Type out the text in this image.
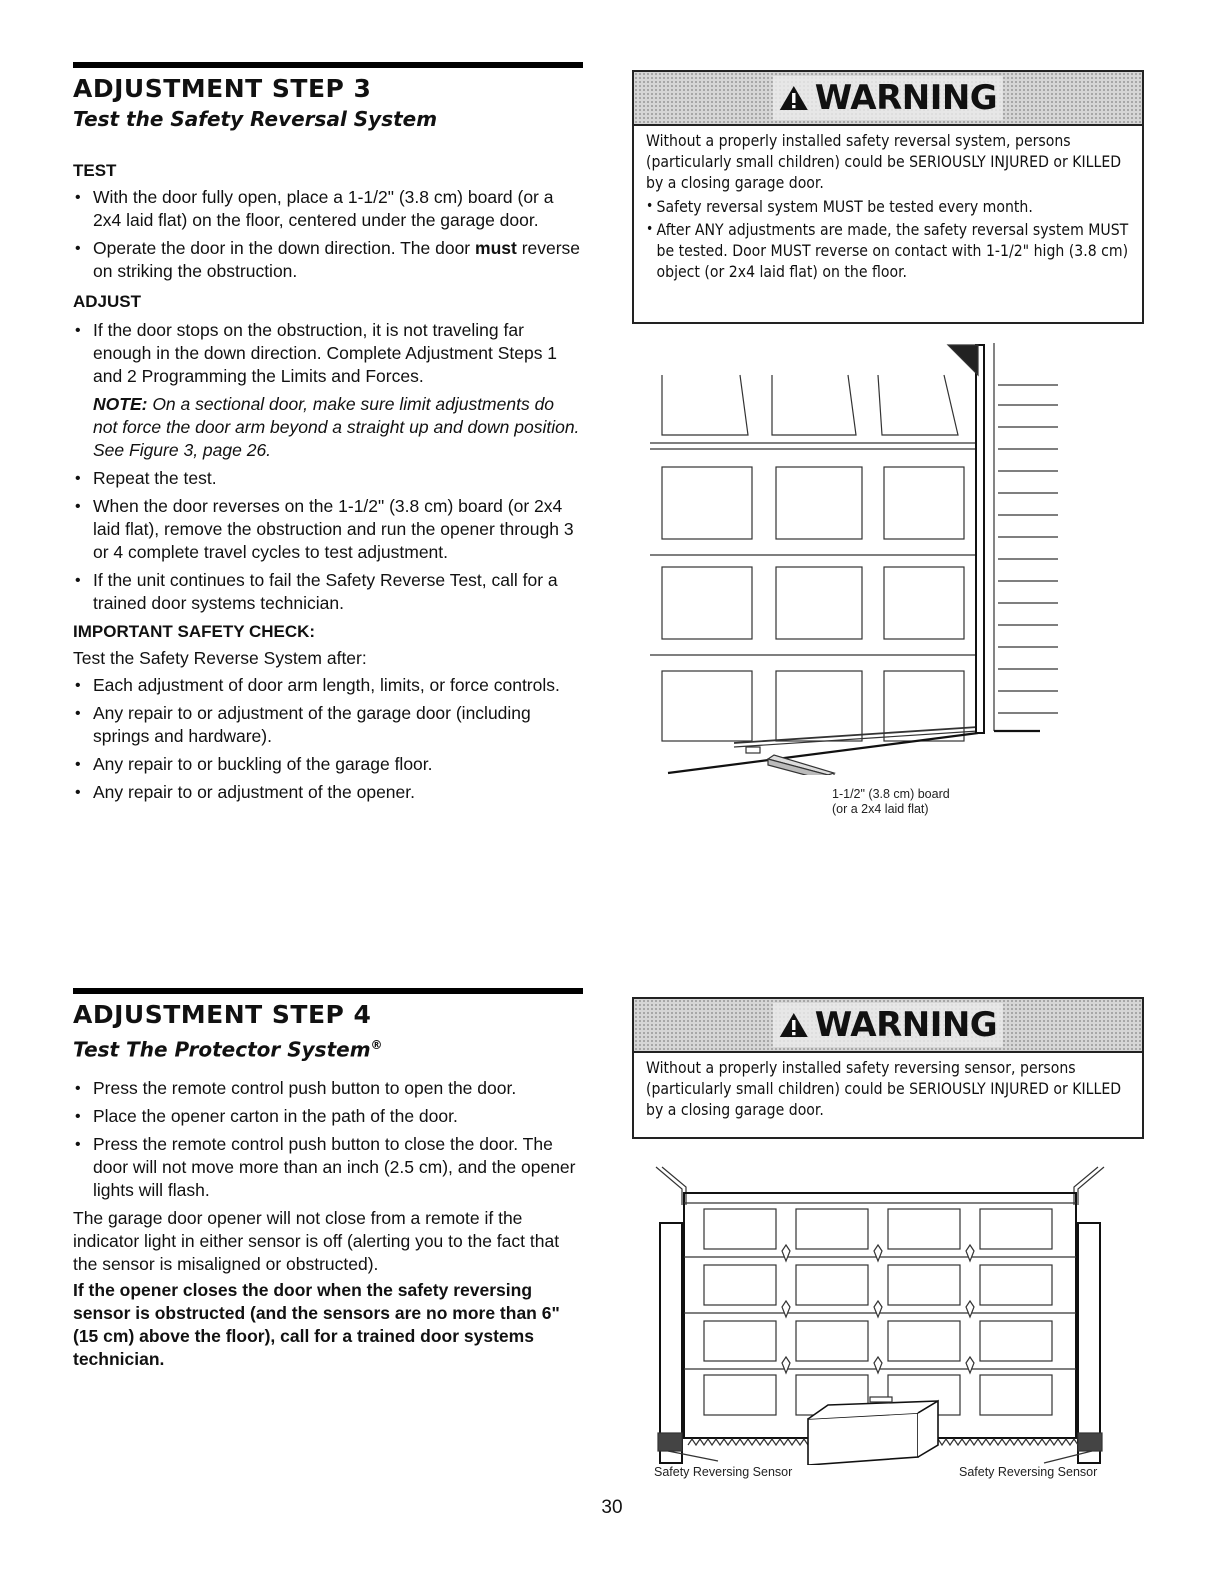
ADJUSTMENT STEP 3
Test the Safety Reversal System
TEST
• With the door fully open, place a 1-1/2" (3.8 cm) board (or a 2x4 laid flat) on the floor, centered under the garage door.
• Operate the door in the down direction. The door must reverse on striking the obstruction.
ADJUST
• If the door stops on the obstruction, it is not traveling far enough in the down direction. Complete Adjustment Steps 1 and 2 Programming the Limits and Forces.
NOTE: On a sectional door, make sure limit adjustments do not force the door arm beyond a straight up and down position. See Figure 3, page 26.
• Repeat the test.
• When the door reverses on the 1-1/2" (3.8 cm) board (or 2x4 laid flat), remove the obstruction and run the opener through 3 or 4 complete travel cycles to test adjustment.
• If the unit continues to fail the Safety Reverse Test, call for a trained door systems technician.
IMPORTANT SAFETY CHECK:

Test the Safety Reverse System after:

• Each adjustment of door arm length, limits, or force controls.
• Any repair to or adjustment of the garage door (including springs and hardware).
• Any repair to or buckling of the garage floor.
• Any repair to or adjustment of the opener.
WARNING

Without a properly installed safety reversal system, persons (particularly small children) could be SERIOUSLY INJURED or KILLED by a closing garage door.

• Safety reversal system MUST be tested every month.
• After ANY adjustments are made, the safety reversal system MUST be tested. Door MUST reverse on contact with 1-1/2" high (3.8 cm) object (or 2x4 laid flat) on the floor.
1-1/2" (3.8 cm) board
(or a 2x4 laid flat)
ADJUSTMENT STEP 4
Test The Protector System®
• Press the remote control push button to open the door.
• Place the opener carton in the path of the door.
• Press the remote control push button to close the door. The door will not move more than an inch (2.5 cm), and the opener lights will flash.

The garage door opener will not close from a remote if the indicator light in either sensor is off (alerting you to the fact that the sensor is misaligned or obstructed).

If the opener closes the door when the safety reversing sensor is obstructed (and the sensors are no more than 6" (15 cm) above the floor), call for a trained door systems technician.

WARNING

Without a properly installed safety reversing sensor, persons (particularly small children) could be SERIOUSLY INJURED or KILLED by a closing garage door.

Safety Reversing Sensor	Safety Reversing Sensor
30
